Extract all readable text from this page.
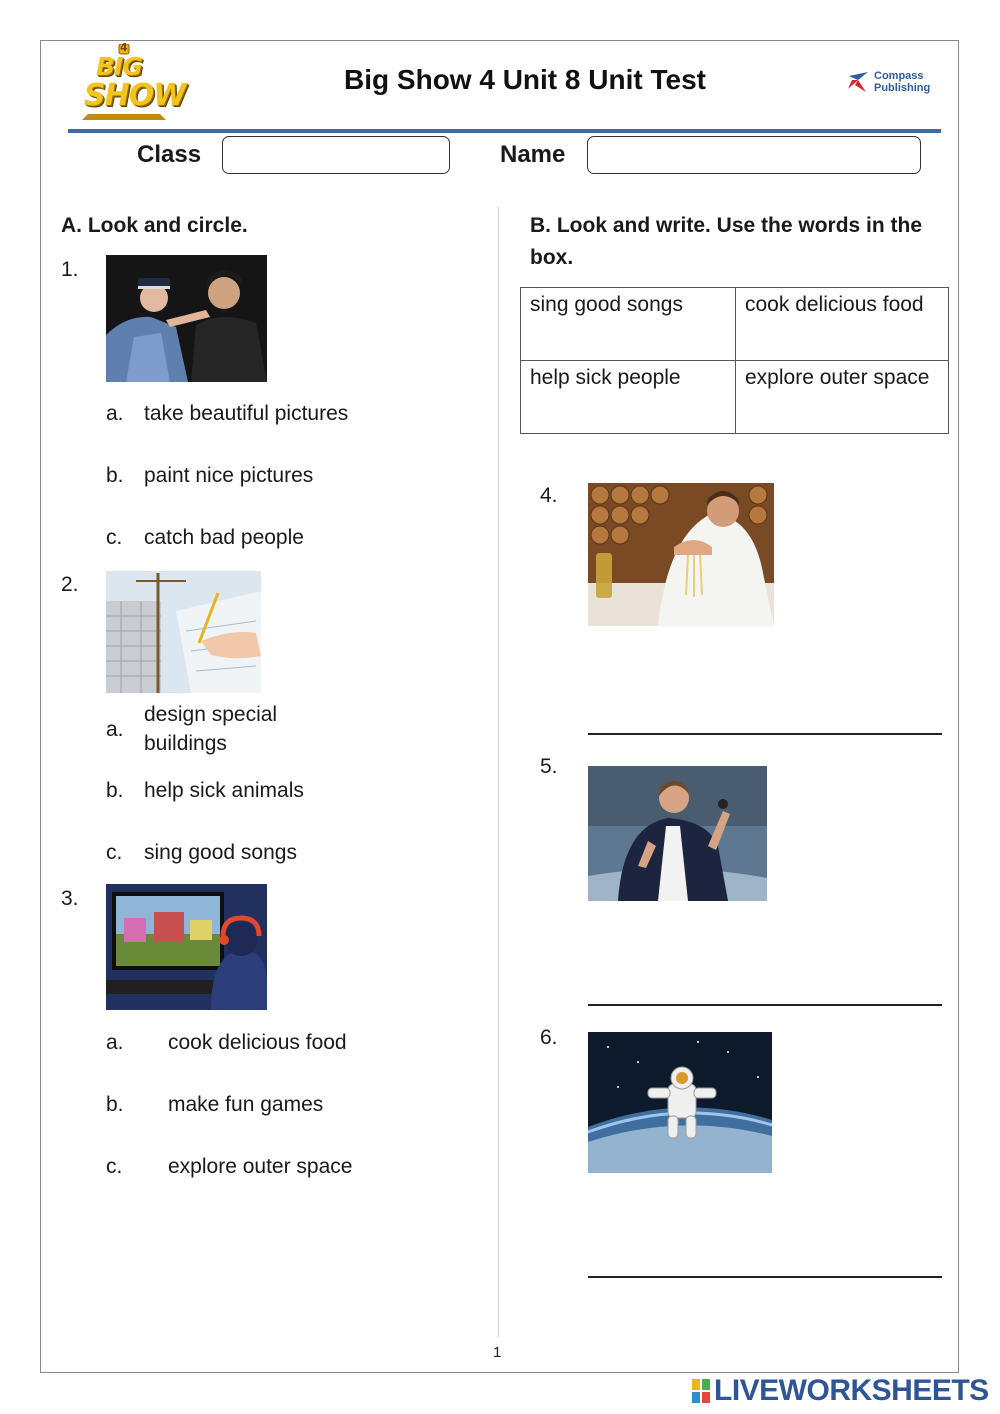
4
BIG
SHOW	Big Show 4 Unit 8 Unit Test	Compass
Publishing
Class	Name
A. Look and circle.
1.
a. take beautiful pictures
b. paint nice pictures
c. catch bad people
2.
a.
design special buildings
b. help sick animals
c. sing good songs
3.
a. cook delicious food
b. make fun games
c. explore outer space
B. Look and write. Use the words in the box.
sing good songs	cook delicious food
help sick people	explore outer space
4.
5.
6.
1
LIVEWORKSHEETS
